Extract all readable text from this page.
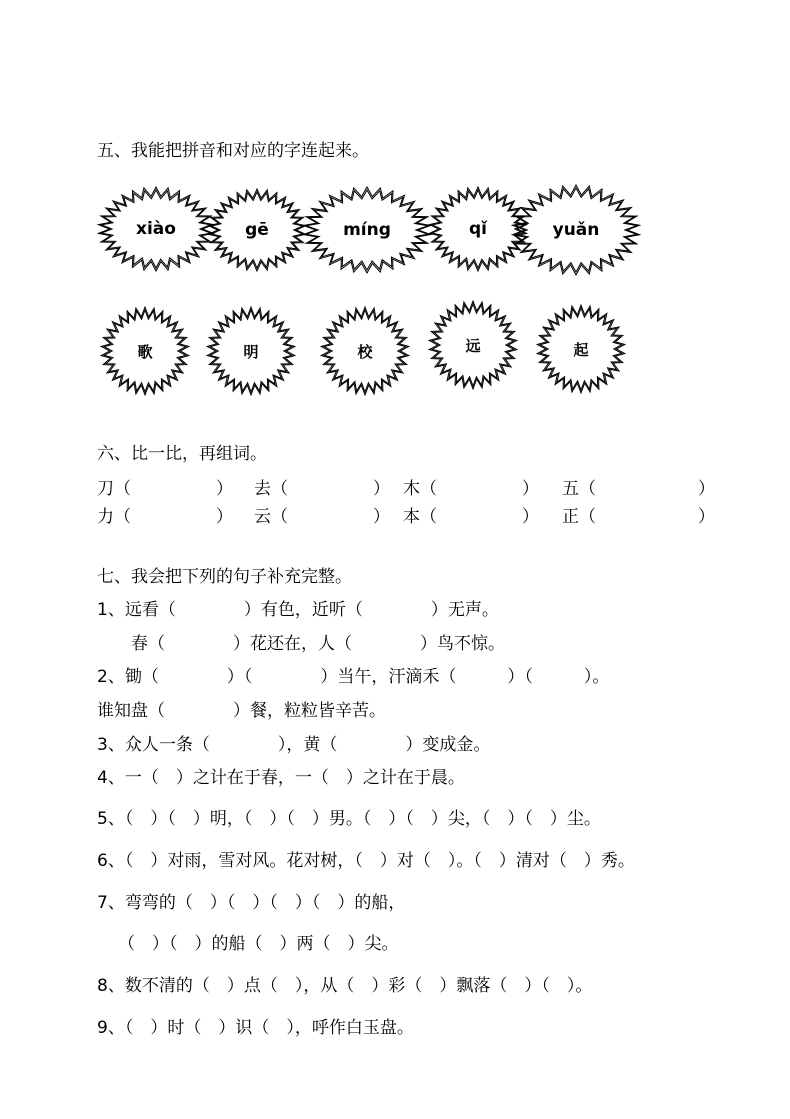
五、我能把拼音和对应的字连起来。
xiào	gē	míng	qǐ	yuǎn
歌	明	校	远	起
六、比一比，再组词。
刀（　　　　　） 去（　　　　　） 木（　　　　　） 五（　　　　　　）
力（　　　　　） 云（　　　　　） 本（　　　　　） 正（　　　　　　）
七、我会把下列的句子补充完整。
1、远看（　　　　）有色，近听（　　　　）无声。
春（　　　　）花还在，人（　　　　）鸟不惊。
2、锄（　　　　）（　　　　）当午，汗滴禾（　　　）（　　　）。
谁知盘（　　　　）餐，粒粒皆辛苦。
3、众人一条（　　　　），黄（　　　　）变成金。
4、一（　）之计在于春，一（　）之计在于晨。
5、（　）（　）明，（　）（　）男。（　）（　）尖，（　）（　）尘。
6、（　）对雨，雪对风。花对树，（　）对（　）。（　）清对（　）秀。
7、弯弯的（　）（　）（　）（　）的船，
（　）（　）的船（　）两（　）尖。
8、数不清的（　）点（　），从（　）彩（　）飘落（　）（　）。
9、（　）时（　）识（　），呼作白玉盘。
